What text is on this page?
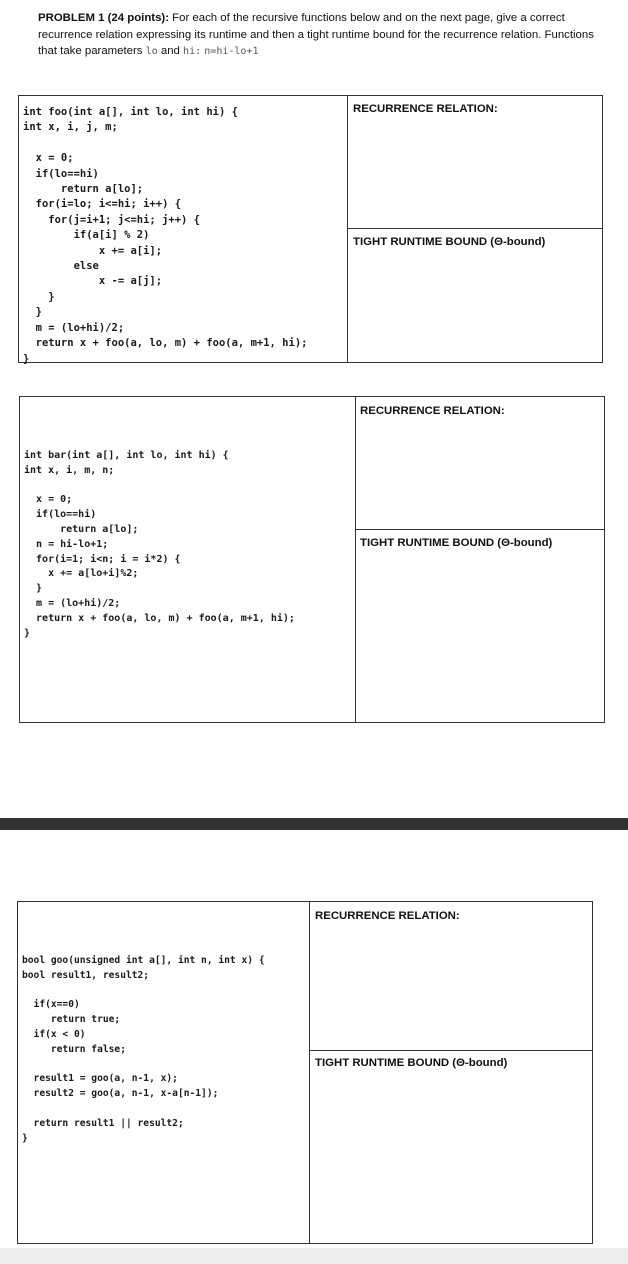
PROBLEM 1 (24 points): For each of the recursive functions below and on the next page, give a correct recurrence relation expressing its runtime and then a tight runtime bound for the recurrence relation. Functions that take parameters lo and hi: n=hi-lo+1
int foo(int a[], int lo, int hi) {
int x, i, j, m;

x = 0;
if(lo==hi)
return a[lo];
for(i=lo; i<=hi; i++) {
for(j=i+1; j<=hi; j++) {
if(a[i] % 2)
x += a[i];
else
x -= a[j];
}
}
m = (lo+hi)/2;
return x + foo(a, lo, m) + foo(a, m+1, hi);
}
RECURRENCE RELATION:
TIGHT RUNTIME BOUND (Θ-bound)
int bar(int a[], int lo, int hi) {
int x, i, m, n;

x = 0;
if(lo==hi)
return a[lo];
n = hi-lo+1;
for(i=1; i<n; i = i*2) {
x += a[lo+i]%2;
}
m = (lo+hi)/2;
return x + foo(a, lo, m) + foo(a, m+1, hi);
}
RECURRENCE RELATION:
TIGHT RUNTIME BOUND (Θ-bound)
bool goo(unsigned int a[], int n, int x) {
bool result1, result2;

if(x==0)
return true;
if(x < 0)
return false;

result1 = goo(a, n-1, x);
result2 = goo(a, n-1, x-a[n-1]);

return result1 || result2;
}
RECURRENCE RELATION:
TIGHT RUNTIME BOUND (Θ-bound)
